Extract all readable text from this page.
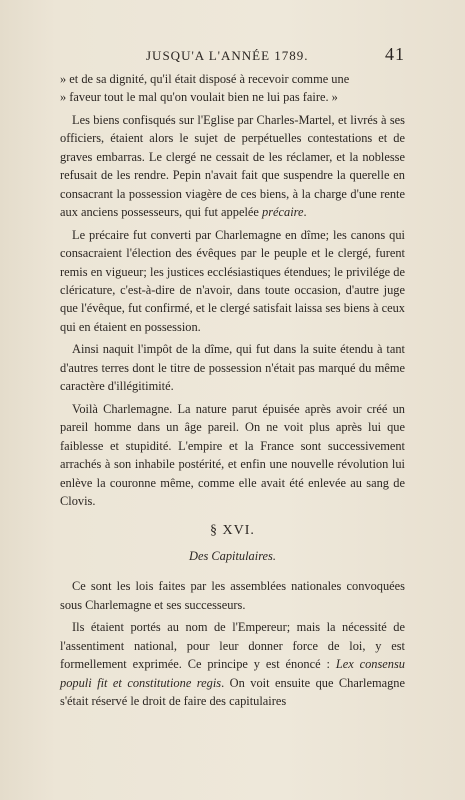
JUSQU'A L'ANNÉE 1789.	41

» et de sa dignité, qu'il était disposé à recevoir comme une

» faveur tout le mal qu'on voulait bien ne lui pas faire. »

Les biens confisqués sur l'Eglise par Charles-Martel, et livrés à ses officiers, étaient alors le sujet de perpétuelles contestations et de graves embarras. Le clergé ne cessait de les réclamer, et la noblesse refusait de les rendre. Pepin n'avait fait que suspendre la querelle en consacrant la possession viagère de ces biens, à la charge d'une rente aux anciens possesseurs, qui fut appelée précaire.

Le précaire fut converti par Charlemagne en dîme; les canons qui consacraient l'élection des évêques par le peuple et le clergé, furent remis en vigueur; les justices ecclésiastiques étendues; le privilége de cléricature, c'est-à-dire de n'avoir, dans toute occasion, d'autre juge que l'évêque, fut confirmé, et le clergé satisfait laissa ses biens à ceux qui en étaient en possession.

Ainsi naquit l'impôt de la dîme, qui fut dans la suite étendu à tant d'autres terres dont le titre de possession n'était pas marqué du même caractère d'illégitimité.

Voilà Charlemagne. La nature parut épuisée après avoir créé un pareil homme dans un âge pareil. On ne voit plus après lui que faiblesse et stupidité. L'empire et la France sont successivement arrachés à son inhabile postérité, et enfin une nouvelle révolution lui enlève la couronne même, comme elle avait été enlevée au sang de Clovis.

§ XVI.
Des Capitulaires.

Ce sont les lois faites par les assemblées nationales convoquées sous Charlemagne et ses successeurs.

Ils étaient portés au nom de l'Empereur; mais la nécessité de l'assentiment national, pour leur donner force de loi, y est formellement exprimée. Ce principe y est énoncé : Lex consensu populi fit et constitutione regis. On voit ensuite que Charlemagne s'était réservé le droit de faire des capitulaires
